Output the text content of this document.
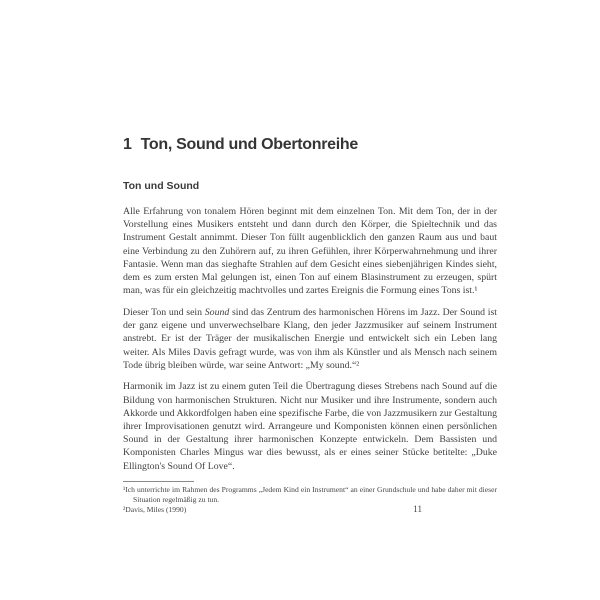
1 Ton, Sound und Obertonreihe
Ton und Sound

Alle Erfahrung von tonalem Hören beginnt mit dem einzelnen Ton. Mit dem Ton, der in der Vorstellung eines Musikers entsteht und dann durch den Körper, die Spieltechnik und das Instrument Gestalt annimmt. Dieser Ton füllt augenblicklich den ganzen Raum aus und baut eine Verbindung zu den Zuhörern auf, zu ihren Gefühlen, ihrer Körperwahrnehmung und ihrer Fantasie. Wenn man das sieghafte Strahlen auf dem Gesicht eines siebenjährigen Kindes sieht, dem es zum ersten Mal gelungen ist, einen Ton auf einem Blasinstrument zu erzeugen, spürt man, was für ein gleichzeitig machtvolles und zartes Ereignis die Formung eines Tons ist.¹

Dieser Ton und sein Sound sind das Zentrum des harmonischen Hörens im Jazz. Der Sound ist der ganz eigene und unverwechselbare Klang, den jeder Jazzmusiker auf seinem Instrument anstrebt. Er ist der Träger der musikalischen Energie und entwickelt sich ein Leben lang weiter. Als Miles Davis gefragt wurde, was von ihm als Künstler und als Mensch nach seinem Tode übrig bleiben würde, war seine Antwort: „My sound.“²

Harmonik im Jazz ist zu einem guten Teil die Übertragung dieses Strebens nach Sound auf die Bildung von harmonischen Strukturen. Nicht nur Musiker und ihre Instrumente, sondern auch Akkorde und Akkordfolgen haben eine spezifische Farbe, die von Jazzmusikern zur Gestaltung ihrer Improvisationen genutzt wird. Arrangeure und Komponisten können einen persönlichen Sound in der Gestaltung ihrer harmonischen Konzepte entwickeln. Dem Bassisten und Komponisten Charles Mingus war dies bewusst, als er eines seiner Stücke betitelte: „Duke Ellington's Sound Of Love“.

¹Ich unterrichte im Rahmen des Programms „Jedem Kind ein Instrument“ an einer Grundschule und habe daher mit dieser Situation regelmäßig zu tun.

²Davis, Miles (1990)	11
